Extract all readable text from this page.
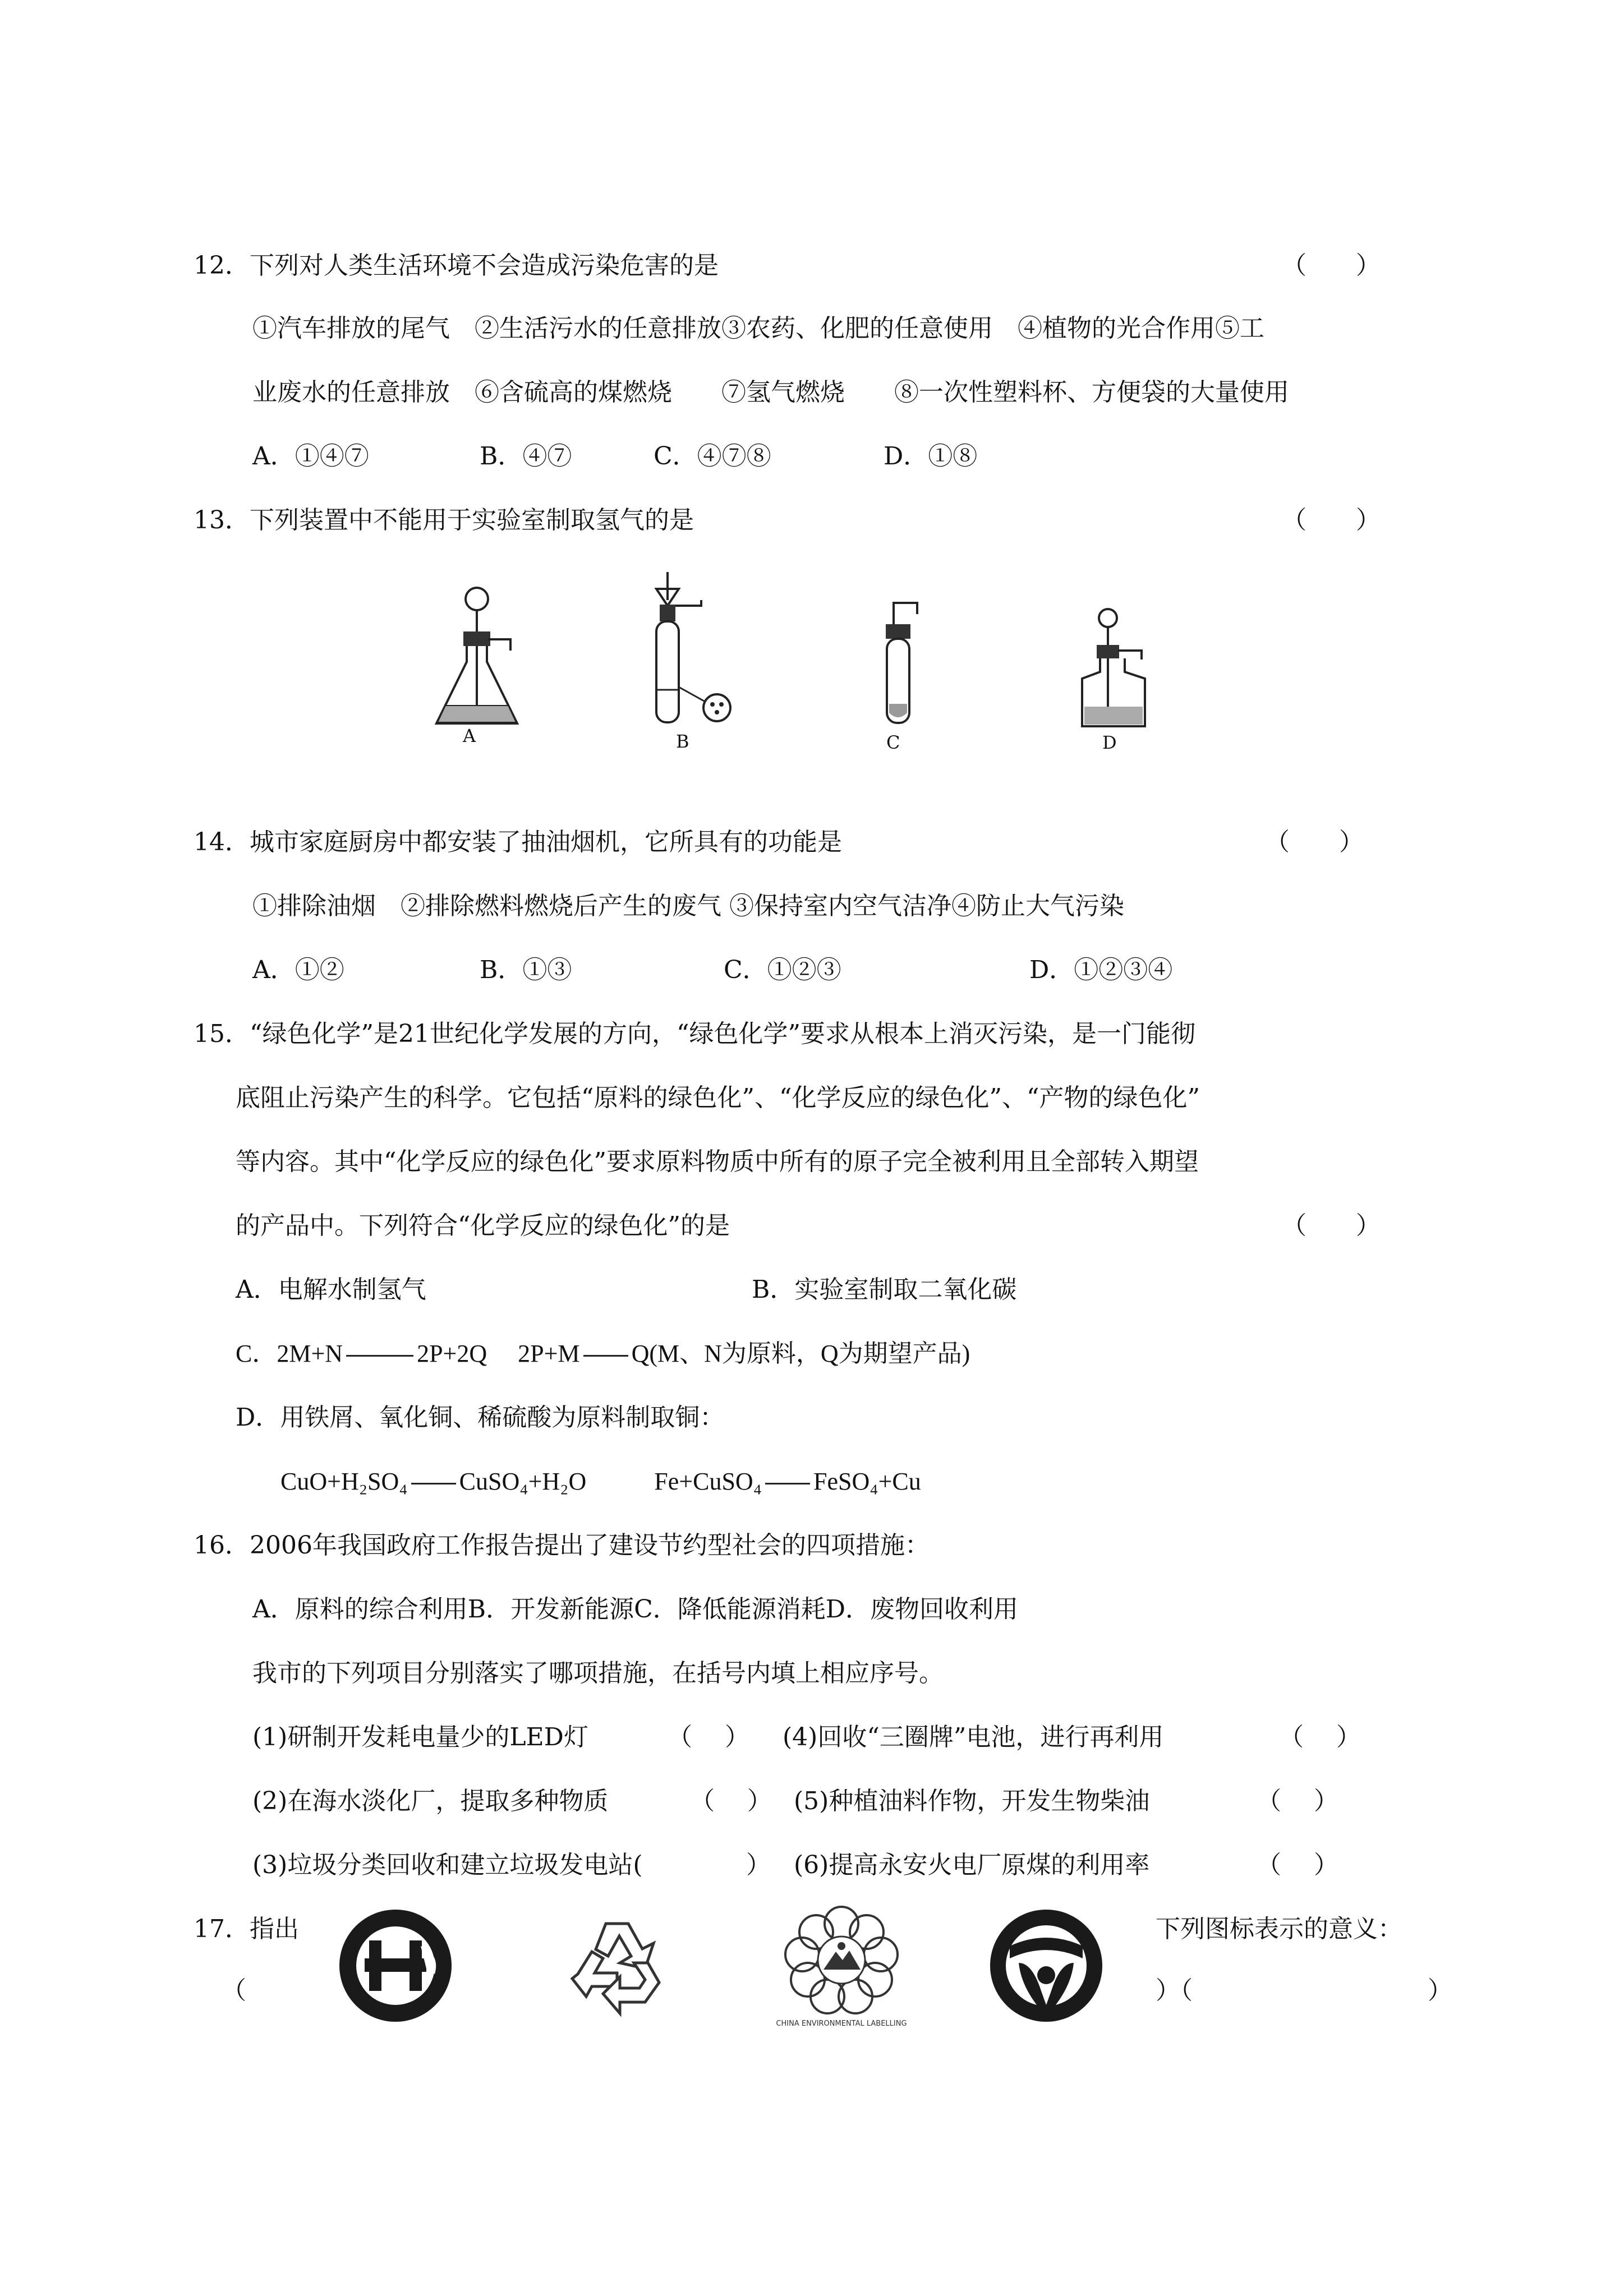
12．下列对人类生活环境不会造成污染危害的是	（　　）
①汽车排放的尾气　②生活污水的任意排放③农药、化肥的任意使用　④植物的光合作用⑤工
业废水的任意排放　⑥含硫高的煤燃烧　　⑦氢气燃烧　　⑧一次性塑料杯、方便袋的大量使用
A．①④⑦	B．④⑦	C．④⑦⑧	D．①⑧
13．下列装置中不能用于实验室制取氢气的是	（　　）
A	B	C	D
14．城市家庭厨房中都安装了抽油烟机，它所具有的功能是	（　　）
①排除油烟　②排除燃料燃烧后产生的废气 ③保持室内空气洁净④防止大气污染
A．①②	B．①③	C．①②③	D．①②③④
15．“绿色化学”是21世纪化学发展的方向，“绿色化学”要求从根本上消灭污染，是一门能彻
底阻止污染产生的科学。它包括“原料的绿色化”、“化学反应的绿色化”、“产物的绿色化”
等内容。其中“化学反应的绿色化”要求原料物质中所有的原子完全被利用且全部转入期望
的产品中。下列符合“化学反应的绿色化”的是	（　　）
A．电解水制氢气	B．实验室制取二氧化碳
C．2M+N	2P+2Q 2P+M Q(M、N为原料，Q为期望产品)
D．用铁屑、氧化铜、稀硫酸为原料制取铜：
CuO+H₂SO₄ CuSO₄+H₂O	Fe+CuSO₄ FeSO₄+Cu
16．2006年我国政府工作报告提出了建设节约型社会的四项措施：
A．原料的综合利用B．开发新能源C．降低能源消耗D．废物回收利用
我市的下列项目分别落实了哪项措施，在括号内填上相应序号。
(1)研制开发耗电量少的LED灯	（　 ） (4)回收“三圈牌”电池，进行再利用	（　 ）
(2)在海水淡化厂，提取多种物质	（　 ） (5)种植油料作物，开发生物柴油	（　 ）
(3)垃圾分类回收和建立垃圾发电站(	） (6)提高永安火电厂原煤的利用率	（　 ）
17．指出	下列图标表示的意义：
（	）（	）
CHINA ENVIRONMENTAL LABELLING
